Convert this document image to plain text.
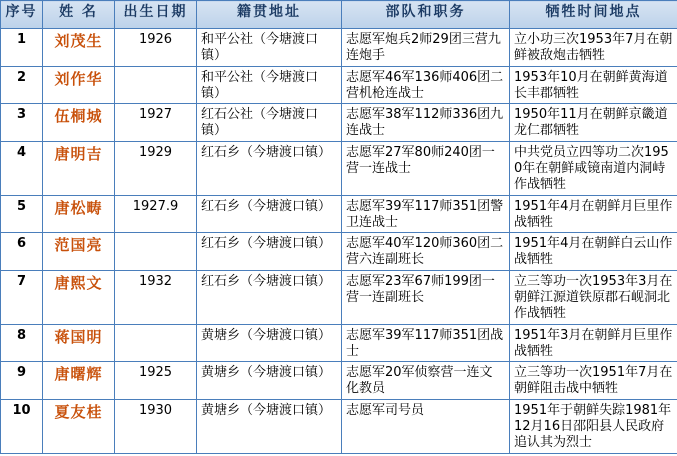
序号	姓 名	出生日期	籍贯地址	部队和职务	牺牲时间地点
1	刘茂生	1926	和平公社（今塘渡口镇）	志愿军炮兵2师29团三营九连炮手	立小功三次1953年7月在朝鲜被敌炮击牺牲
2	刘作华		和平公社（今塘渡口镇）	志愿军46军136师406团二营机枪连战士	1953年10月在朝鲜黄海道长丰郡牺牲
3	伍桐城	1927	红石公社（今塘渡口镇）	志愿军38军112师336团九连战士	1950年11月在朝鲜京畿道龙仁郡牺牲
4	唐明吉	1929	红石乡（今塘渡口镇）	志愿军27军80师240团一营一连战士	中共党员立四等功二次1950年在朝鲜咸镜南道内洞峙作战牺牲
5	唐松畴	1927.9	红石乡（今塘渡口镇）	志愿军39军117师351团警卫连战士	1951年4月在朝鲜月巨里作战牺牲
6	范国亮		红石乡（今塘渡口镇）	志愿军40军120师360团二营六连副班长	1951年4月在朝鲜白云山作战牺牲
7	唐熙文	1932	红石乡（今塘渡口镇）	志愿军23军67师199团一营一连副班长	立三等功一次1953年3月在朝鲜江源道铁原郡石岘洞北作战牺牲
8	蒋国明		黄塘乡（今塘渡口镇）	志愿军39军117师351团战士	1951年3月在朝鲜月巨里作战牺牲
9	唐曙辉	1925	黄塘乡（今塘渡口镇）	志愿军20军侦察营一连文化教员	立三等功一次1951年7月在朝鲜阻击战中牺牲
10	夏友桂	1930	黄塘乡（今塘渡口镇）	志愿军司号员	1951年于朝鲜失踪1981年12月16日邵阳县人民政府追认其为烈士
